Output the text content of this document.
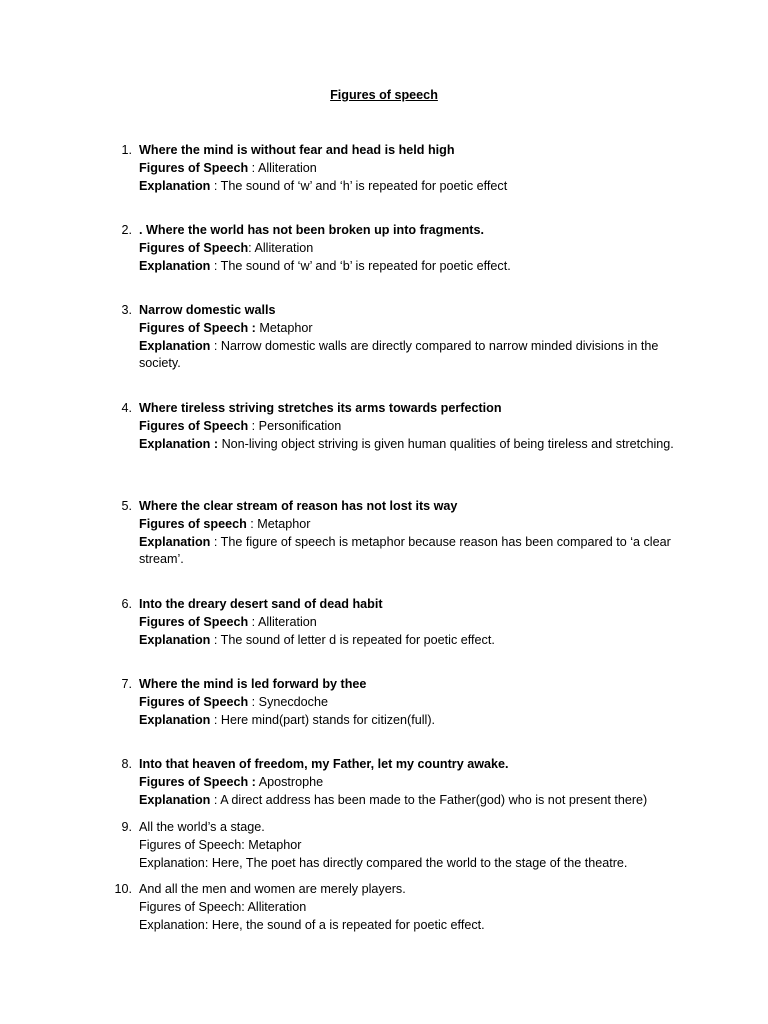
Figures of speech
1. Where the mind is without fear and head is held high
Figures of Speech : Alliteration
Explanation : The sound of ‘w’ and ‘h’ is repeated for poetic effect
2. . Where the world has not been broken up into fragments.
Figures of Speech: Alliteration
Explanation : The sound of ‘w’ and ‘b’ is repeated for poetic effect.
3. Narrow domestic walls
Figures of Speech : Metaphor
Explanation : Narrow domestic walls are directly compared to narrow minded divisions in the society.
4. Where tireless striving stretches its arms towards perfection
Figures of Speech : Personification
Explanation : Non-living object striving is given human qualities of being tireless and stretching.
5. Where the clear stream of reason has not lost its way
Figures of speech : Metaphor
Explanation : The figure of speech is metaphor because reason has been compared to ‘a clear stream’.
6. Into the dreary desert sand of dead habit
Figures of Speech : Alliteration
Explanation : The sound of letter d is repeated for poetic effect.
7. Where the mind is led forward by thee
Figures of Speech : Synecdoche
Explanation : Here mind(part) stands for citizen(full).
8. Into that heaven of freedom, my Father, let my country awake.
Figures of Speech : Apostrophe
Explanation : A direct address has been made to the Father(god) who is not present there)
9. All the world’s a stage.
Figures of Speech: Metaphor
Explanation: Here, The poet has directly compared the world to the stage of the theatre.
10. And all the men and women are merely players.
Figures of Speech: Alliteration
Explanation: Here, the sound of a is repeated for poetic effect.
